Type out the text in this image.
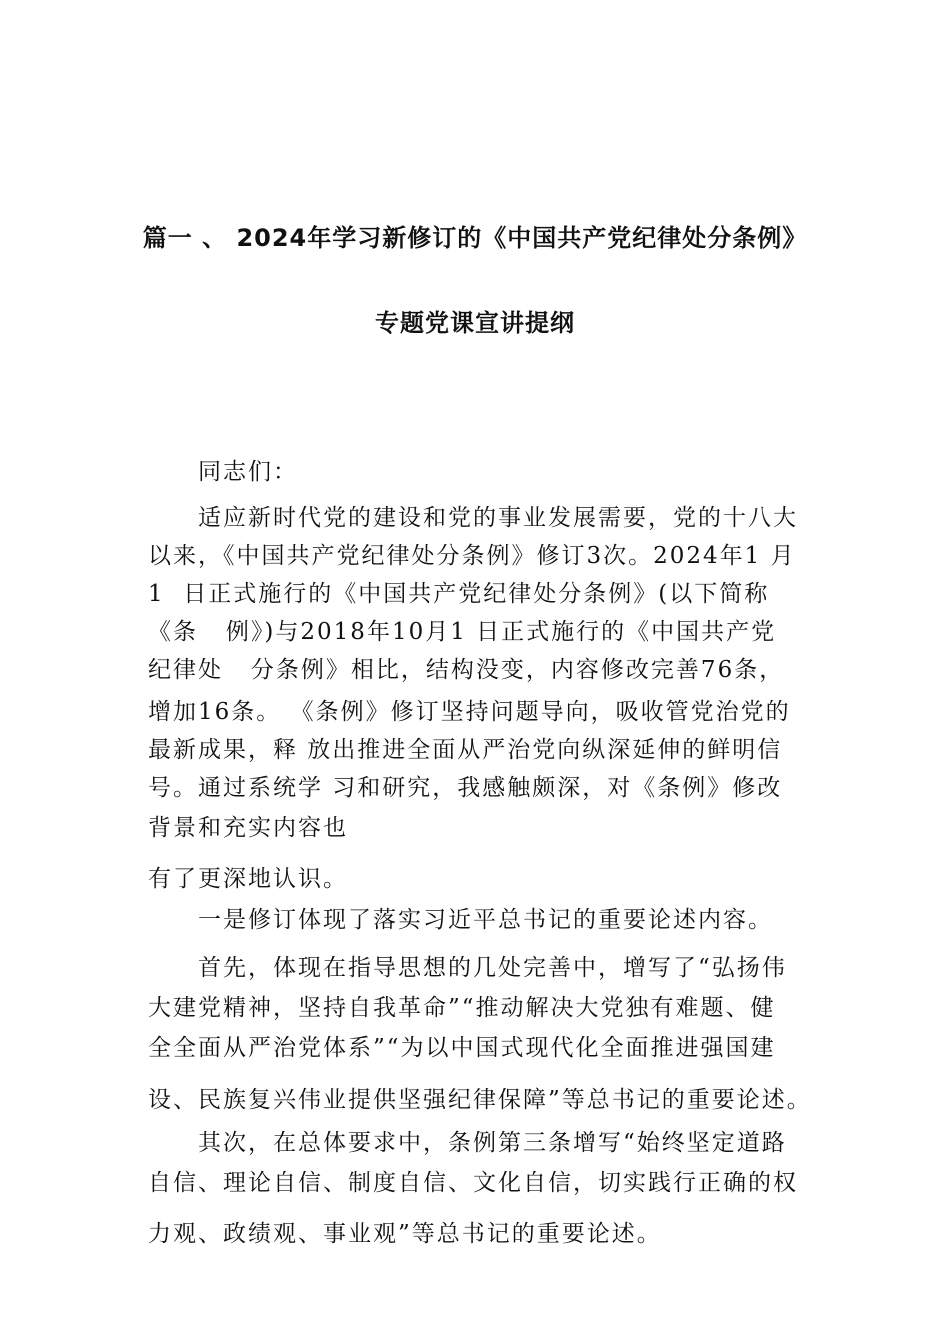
篇一 、 2024年学习新修订的《中国共产党纪律处分条例》
专题党课宣讲提纲
同志们：
适应新时代党的建设和党的事业发展需要，党的十八大
以来，《中国共产党纪律处分条例》修订3次。2024年1 月
1  日正式施行的《中国共产党纪律处分条例》(以下简称
《条   例》)与2018年10月1 日正式施行的《中国共产党
纪律处   分条例》相比，结构没变，内容修改完善76条，
增加16条。 《条例》修订坚持问题导向，吸收管党治党的
最新成果，释 放出推进全面从严治党向纵深延伸的鲜明信
号。通过系统学 习和研究，我感触颇深，对《条例》修改
背景和充实内容也
有了更深地认识。
一是修订体现了落实习近平总书记的重要论述内容。
首先，体现在指导思想的几处完善中，增写了“弘扬伟
大建党精神，坚持自我革命”“推动解决大党独有难题、健
全全面从严治党体系”“为以中国式现代化全面推进强国建
设、民族复兴伟业提供坚强纪律保障”等总书记的重要论述。
其次，在总体要求中，条例第三条增写“始终坚定道路
自信、理论自信、制度自信、文化自信，切实践行正确的权
力观、政绩观、事业观”等总书记的重要论述。
